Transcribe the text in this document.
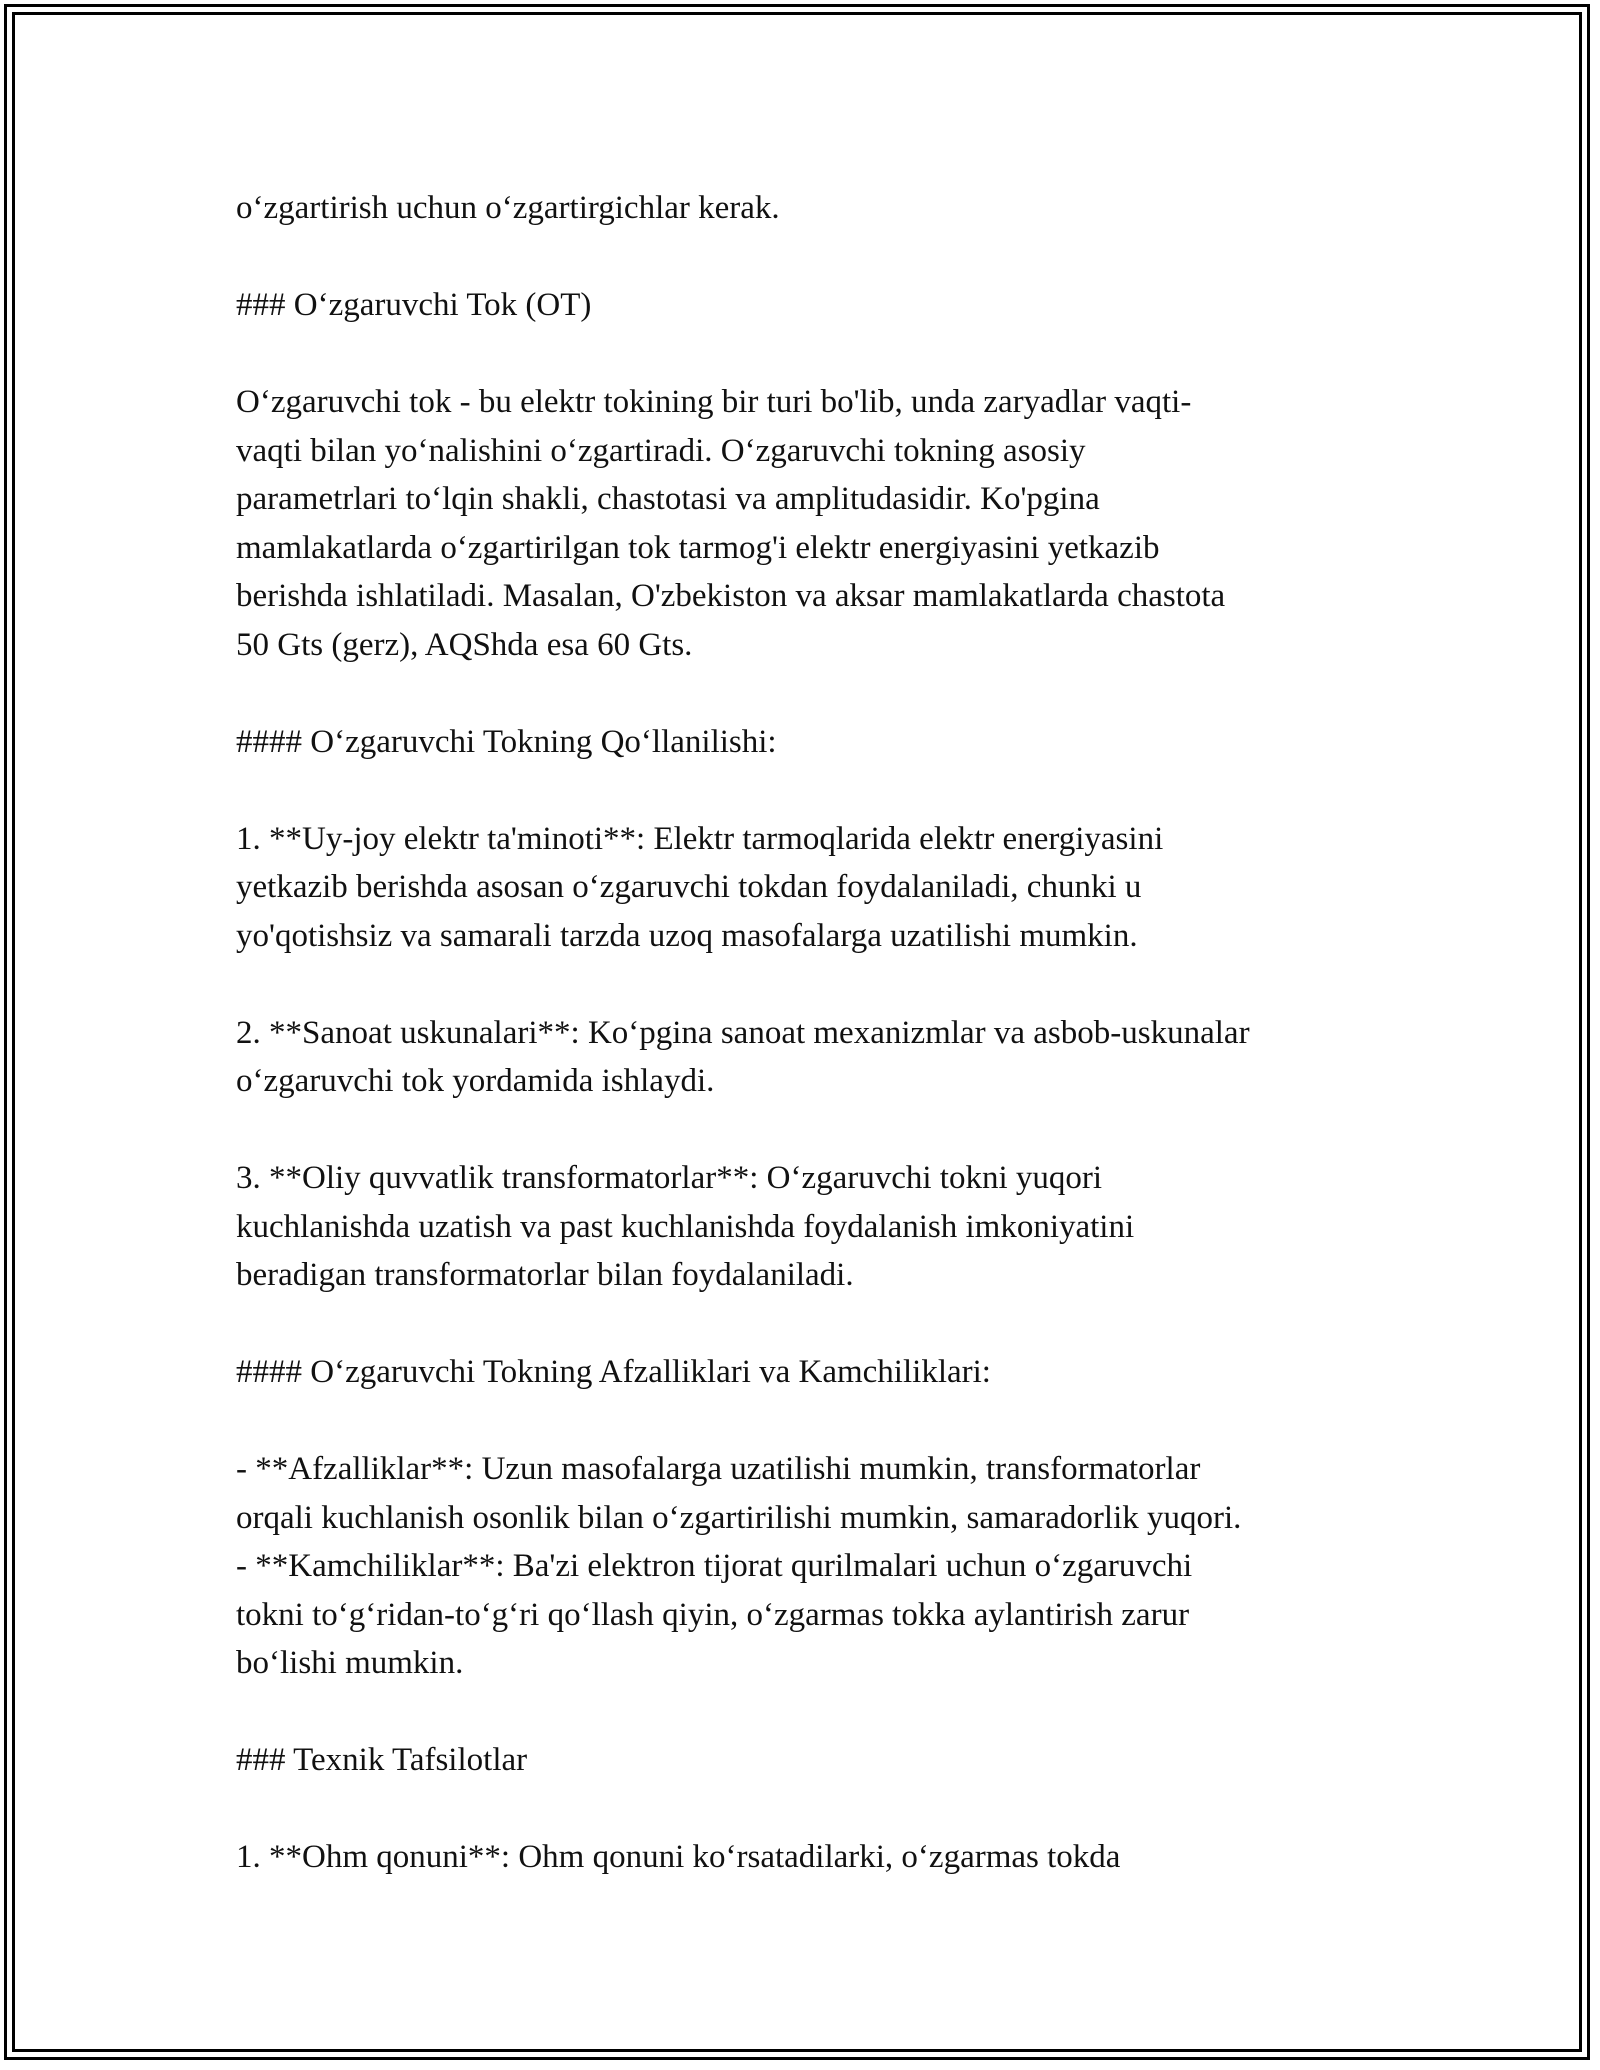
o‘zgartirish uchun o‘zgartirgichlar kerak.
### O‘zgaruvchi Tok (OT)
O‘zgaruvchi tok - bu elektr tokining bir turi bo'lib, unda zaryadlar vaqti-
vaqti bilan yo‘nalishini o‘zgartiradi. O‘zgaruvchi tokning asosiy
parametrlari to‘lqin shakli, chastotasi va amplitudasidir. Ko'pgina
mamlakatlarda o‘zgartirilgan tok tarmog'i elektr energiyasini yetkazib
berishda ishlatiladi. Masalan, O'zbekiston va aksar mamlakatlarda chastota
50 Gts (gerz), AQShda esa 60 Gts.
#### O‘zgaruvchi Tokning Qo‘llanilishi:
1. **Uy-joy elektr ta'minoti**: Elektr tarmoqlarida elektr energiyasini
yetkazib berishda asosan o‘zgaruvchi tokdan foydalaniladi, chunki u
yo'qotishsiz va samarali tarzda uzoq masofalarga uzatilishi mumkin.
2. **Sanoat uskunalari**: Ko‘pgina sanoat mexanizmlar va asbob-uskunalar
o‘zgaruvchi tok yordamida ishlaydi.
3. **Oliy quvvatlik transformatorlar**: O‘zgaruvchi tokni yuqori
kuchlanishda uzatish va past kuchlanishda foydalanish imkoniyatini
beradigan transformatorlar bilan foydalaniladi.
#### O‘zgaruvchi Tokning Afzalliklari va Kamchiliklari:
- **Afzalliklar**: Uzun masofalarga uzatilishi mumkin, transformatorlar
orqali kuchlanish osonlik bilan o‘zgartirilishi mumkin, samaradorlik yuqori.
- **Kamchiliklar**: Ba'zi elektron tijorat qurilmalari uchun o‘zgaruvchi
tokni to‘g‘ridan-to‘g‘ri qo‘llash qiyin, o‘zgarmas tokka aylantirish zarur
bo‘lishi mumkin.
### Texnik Tafsilotlar
1. **Ohm qonuni**: Ohm qonuni ko‘rsatadilarki, o‘zgarmas tokda
